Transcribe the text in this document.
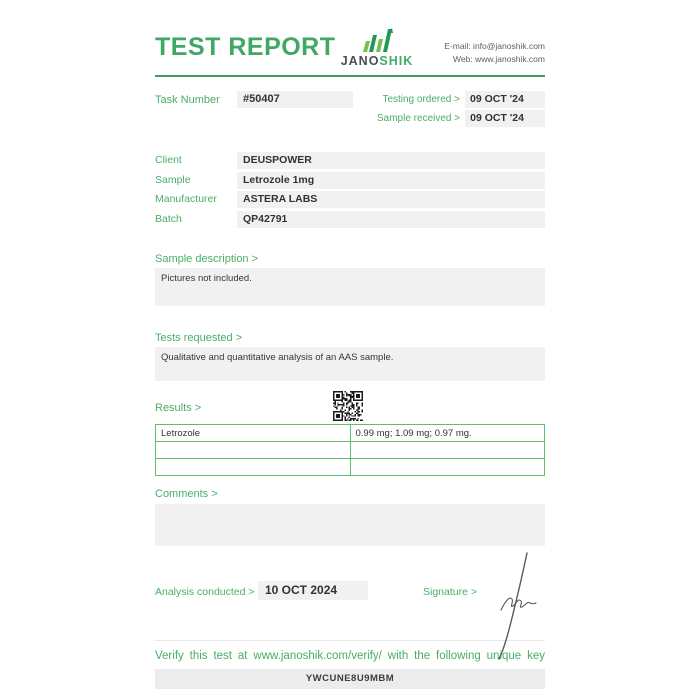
TEST REPORT JANOSHIK
E-mail: info@janoshik.com
Web: www.janoshik.com
Task Number	#50407	Testing ordered > 09 OCT '24
Sample received > 09 OCT '24
Client	DEUSPOWER
Sample	Letrozole 1mg
Manufacturer	ASTERA LABS
Batch	QP42791
Sample description >
Pictures not included.
Tests requested >
Qualitative and quantitative analysis of an AAS sample.
Results >
Letrozole	0.99 mg; 1.09 mg; 0.97 mg.

Comments >
Analysis conducted > 10 OCT 2024	Signature >
Verify this test at www.janoshik.com/verify/ with the following unique key
YWCUNE8U9MBM
